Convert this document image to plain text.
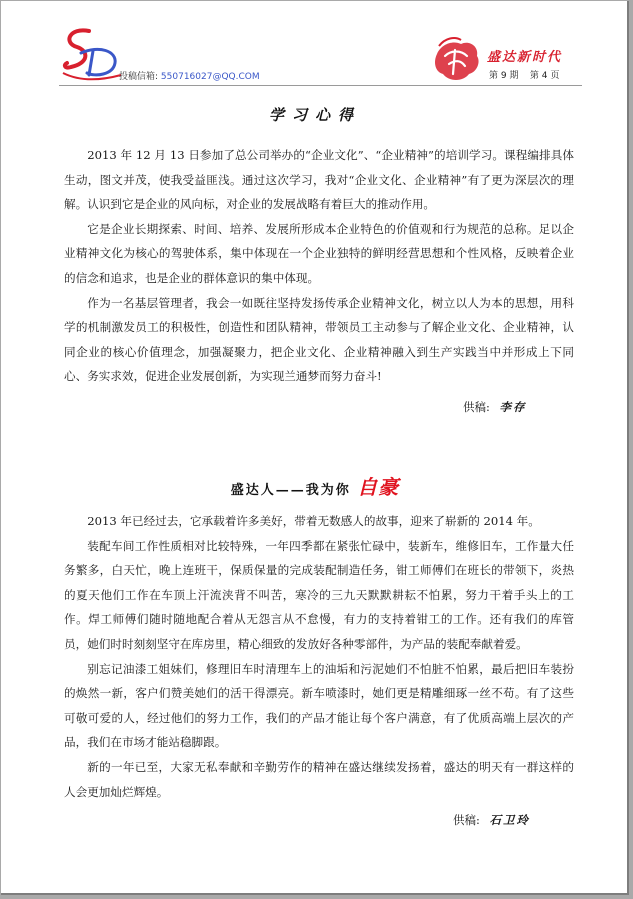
投稿信箱: 550716027@QQ.COM
盛达新时代
第 9 期 第 4 页
学习心得

2013 年 12 月 13 日参加了总公司举办的“企业文化”、“企业精神”的培训学习。课程编排具体生动，图文并茂，使我受益匪浅。通过这次学习，我对“企业文化、企业精神”有了更为深层次的理解。认识到它是企业的风向标，对企业的发展战略有着巨大的推动作用。

它是企业长期探索、时间、培养、发展所形成本企业特色的价值观和行为规范的总称。足以企业精神文化为核心的驾驶体系，集中体现在一个企业独特的鲜明经营思想和个性风格，反映着企业的信念和追求，也是企业的群体意识的集中体现。

作为一名基层管理者，我会一如既往坚持发扬传承企业精神文化，树立以人为本的思想，用科学的机制激发员工的积极性，创造性和团队精神，带领员工主动参与了解企业文化、企业精神，认同企业的核心价值理念，加强凝聚力，把企业文化、企业精神融入到生产实践当中并形成上下同心、务实求效，促进企业发展创新，为实现兰通梦而努力奋斗!

供稿: 李存
盛达人——我为你 自豪

2013 年已经过去，它承载着许多美好，带着无数感人的故事，迎来了崭新的 2014 年。

装配车间工作性质相对比较特殊，一年四季都在紧张忙碌中，装新车，维修旧车，工作量大任务繁多，白天忙，晚上连班干，保质保量的完成装配制造任务，钳工师傅们在班长的带领下，炎热的夏天他们工作在车顶上汗流浃背不叫苦，寒冷的三九天默默耕耘不怕累，努力干着手头上的工作。焊工师傅们随时随地配合着从无怨言从不怠慢，有力的支持着钳工的工作。还有我们的库管员，她们时时刻刻坚守在库房里，精心细致的发放好各种零部件，为产品的装配奉献着爱。

别忘记油漆工姐妹们，修理旧车时清理车上的油垢和污泥她们不怕脏不怕累，最后把旧车装扮的焕然一新，客户们赞美她们的活干得漂亮。新车喷漆时，她们更是精雕细琢一丝不苟。有了这些可敬可爱的人，经过他们的努力工作，我们的产品才能让每个客户满意，有了优质高端上层次的产品，我们在市场才能站稳脚跟。

新的一年已至，大家无私奉献和辛勤劳作的精神在盛达继续发扬着，盛达的明天有一群这样的人会更加灿烂辉煌。

供稿: 石卫玲
